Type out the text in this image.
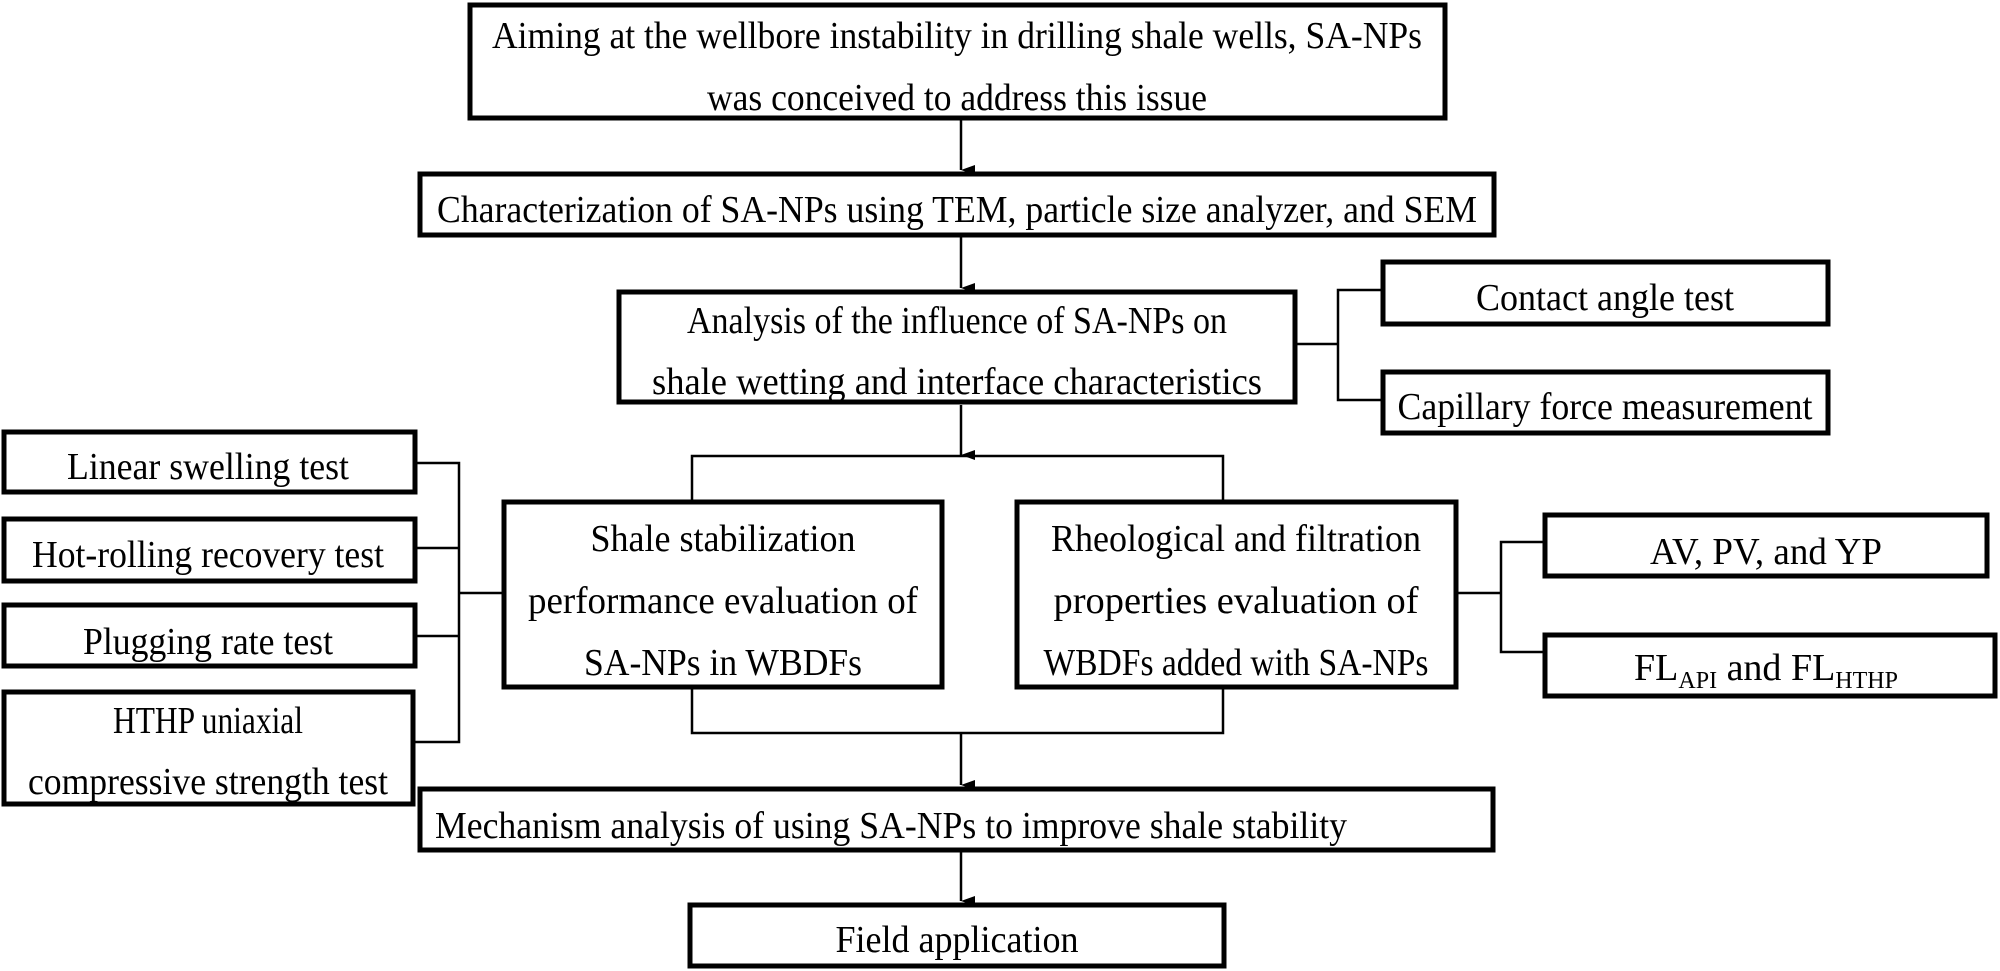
Aiming at the wellbore instability in drilling shale wells, SA-NPs
was conceived to address this issue
Characterization of SA-NPs using TEM, particle size analyzer, and SEM
Analysis of the influence of SA-NPs on
shale wetting and interface characteristics
Contact angle test
Capillary force measurement
Linear swelling test
Hot-rolling recovery test
Plugging rate test
HTHP uniaxial
compressive strength test
Shale stabilization
performance evaluation of
SA-NPs in WBDFs
Rheological and filtration
properties evaluation of
WBDFs added with SA-NPs
AV, PV, and YP
$FL_{API}$ and $FL_{HTHP}$
Mechanism analysis of using SA-NPs to improve shale stability
Field application
